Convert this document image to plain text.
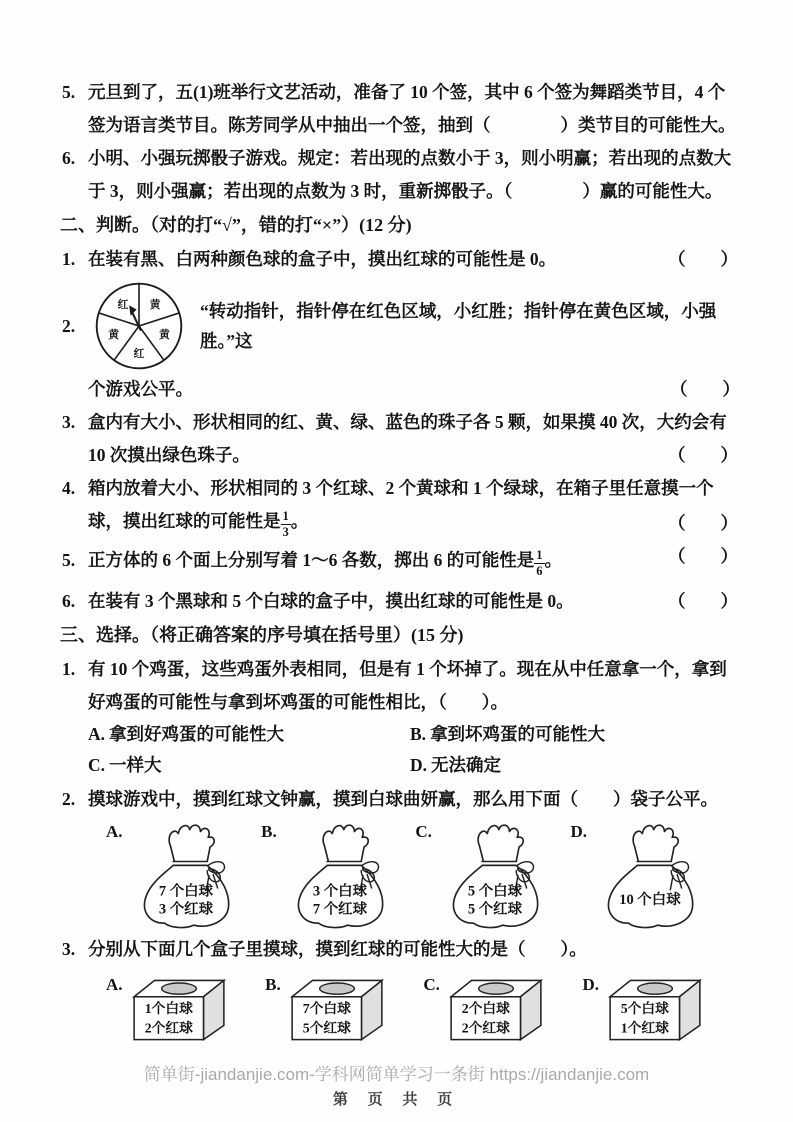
5. 元旦到了，五(1)班举行文艺活动，准备了 10 个签，其中 6 个签为舞蹈类节目，4 个签为语言类节目。陈芳同学从中抽出一个签，抽到（　　　　）类节目的可能性大。
6. 小明、小强玩掷骰子游戏。规定：若出现的点数小于 3，则小明赢；若出现的点数大于 3，则小强赢；若出现的点数为 3 时，重新掷骰子。（　　　　）赢的可能性大。
二、判断。（对的打“√”，错的打“×”）(12 分)
1. 在装有黑、白两种颜色球的盒子中，摸出红球的可能性是 0。	（　　）
2.
红 黄
黄
红
黄
“转动指针，指针停在红色区域，小红胜；指针停在黄色区域，小强胜。”这
个游戏公平。	（　　）
3. 盒内有大小、形状相同的红、黄、绿、蓝色的珠子各 5 颗，如果摸 40 次，大约会有 10 次摸出绿色珠子。	（　　）
4. 箱内放着大小、形状相同的 3 个红球、2 个黄球和 1 个绿球，在箱子里任意摸一个球，摸出红球的可能性是 $\frac{1}{3}$ 。	（　　）
5. 正方体的 6 个面上分别写着 1～6 各数，掷出 6 的可能性是 $\frac{1}{6}$ 。	（　　）
6. 在装有 3 个黑球和 5 个白球的盒子中，摸出红球的可能性是 0。	（　　）
三、选择。（将正确答案的序号填在括号里）(15 分)
1. 有 10 个鸡蛋，这些鸡蛋外表相同，但是有 1 个坏掉了。现在从中任意拿一个，拿到好鸡蛋的可能性与拿到坏鸡蛋的可能性相比，（　　）。
A. 拿到好鸡蛋的可能性大	B. 拿到坏鸡蛋的可能性大
C. 一样大	D. 无法确定
2. 摸球游戏中，摸到红球文钟赢，摸到白球曲妍赢，那么用下面（　　）袋子公平。
A.
7 个白球
3 个红球
B.
3 个白球
7 个红球
C.
5 个白球
5 个红球
D.
10 个白球
3. 分别从下面几个盒子里摸球，摸到红球的可能性大的是（　　）。
A.
1个白球
2个红球
B.
7个白球
5个红球
C.
2个白球
2个红球
D.
5个白球
1个红球
简单街-jiandanjie.com-学科网简单学习一条街 https://jiandanjie.com
第 页 共 页
